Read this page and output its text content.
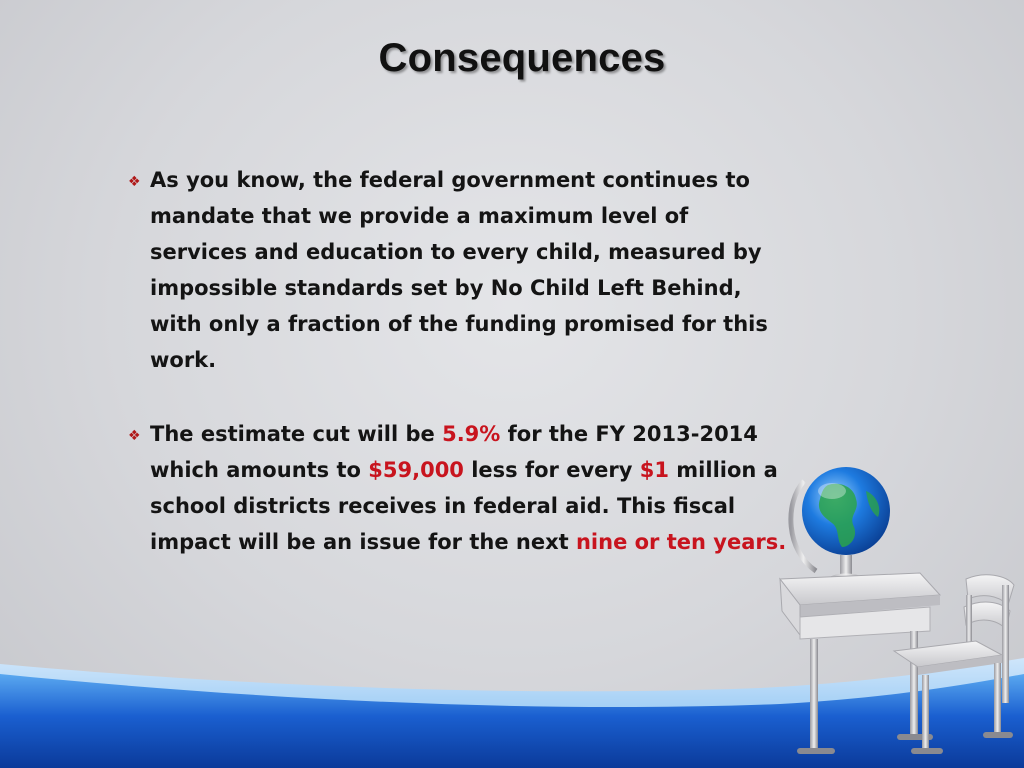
Consequences
❖ As you know, the federal government continues to mandate that we provide a maximum level of services and education to every child, measured by impossible standards set by No Child Left Behind, with only a fraction of the funding promised for this work.
❖ The estimate cut will be 5.9% for the FY 2013-2014 which amounts to $59,000 less for every $1 million a school districts receives in federal aid. This fiscal impact will be an issue for the next nine or ten years.
